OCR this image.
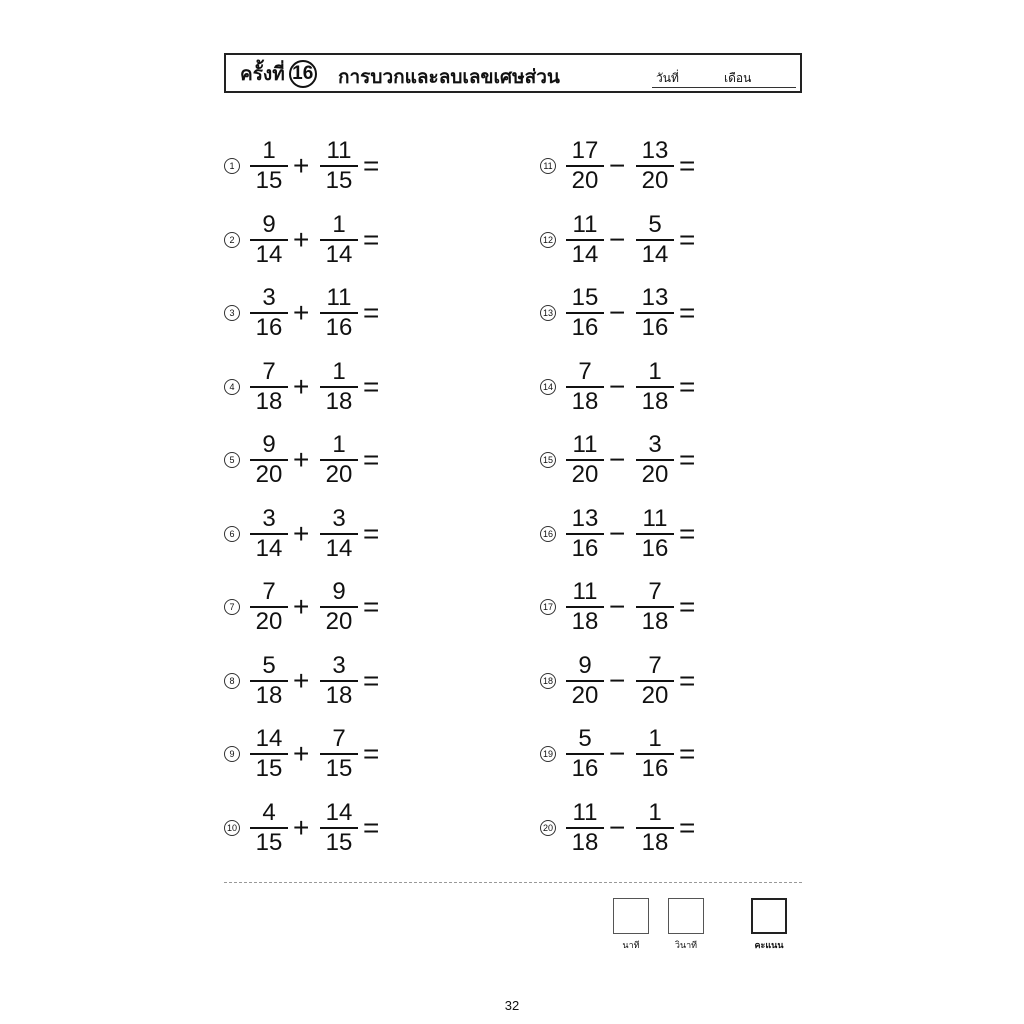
ครั้งที่ 16 การบวกและลบเลขเศษส่วน	วันที่	เดือน
1
1
15 + 11
15 =
2
9
14 + 1
14 =
3
3
16 + 11
16 =
4
7
18 + 1
18 =
5
9
20 + 1
20 =
6
3
14 + 3
14 =
7
7
20 + 9
20 =
8
5
18 + 3
18 =
9
14
15 + 7
15 =
10
4
15 + 14
15 =
11
17
20 − 13
20 =
12
11
14 − 5
14 =
13
15
16 − 13
16 =
14
7
18 − 1
18 =
15
11
20 − 3
20 =
16
13
16 − 11
16 =
17
11
18 − 7
18 =
18
9
20 − 7
20 =
19
5
16 − 1
16 =
20
11
18 − 1
18 =
นาที	วินาที	คะแนน
32
